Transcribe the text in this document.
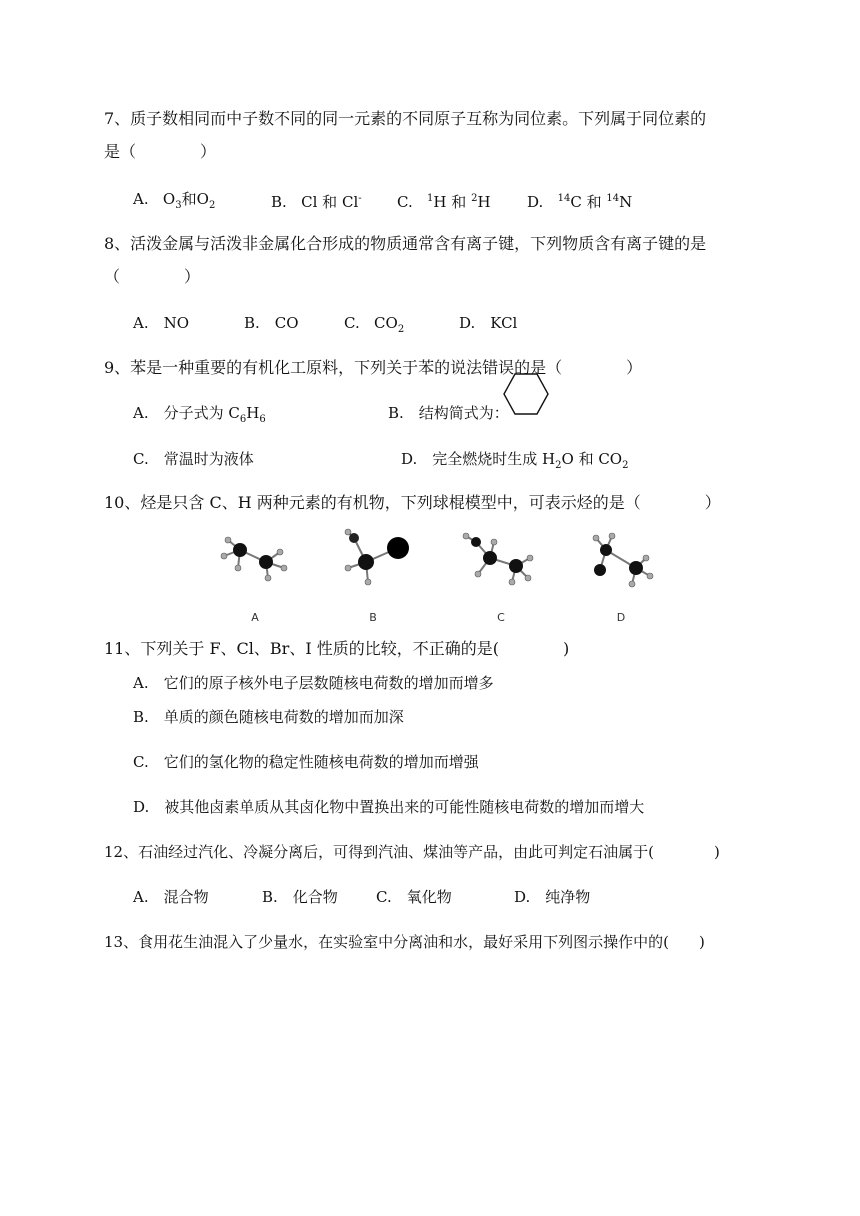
7、质子数相同而中子数不同的同一元素的不同原子互称为同位素。下列属于同位素的
是（　　　　）
A. $O_3$和$O_2$	B. Cl 和 Cl- C. $^1$H 和 $^2$H D. $^{14}$C 和 $^{14}$N
8、活泼金属与活泼非金属化合形成的物质通常含有离子键，下列物质含有离子键的是
（　　　　）
A.　NO	B.　CO	C. $CO_2$	D.　KCl
9、苯是一种重要的有机化工原料，下列关于苯的说法错误的是（　　　　）
A.　分子式为 $C_6H_6$	B.　结构简式为：
C.　常温时为液体	D.　完全燃烧时生成 $H_2O$ 和 $CO_2$
10、烃是只含 C、H 两种元素的有机物，下列球棍模型中，可表示烃的是（　　　　）
A	B	C	D
11、下列关于 F、Cl、Br、I 性质的比较，不正确的是(　　　　)
A.　它们的原子核外电子层数随核电荷数的增加而增多
B.　单质的颜色随核电荷数的增加而加深
C.　它们的氢化物的稳定性随核电荷数的增加而增强
D.　被其他卤素单质从其卤化物中置换出来的可能性随核电荷数的增加而增大
12、石油经过汽化、冷凝分离后，可得到汽油、煤油等产品，由此可判定石油属于(　　　　)
A.　混合物	B.　化合物	C.　氧化物	D.　纯净物
13、食用花生油混入了少量水，在实验室中分离油和水，最好采用下列图示操作中的(　　)
